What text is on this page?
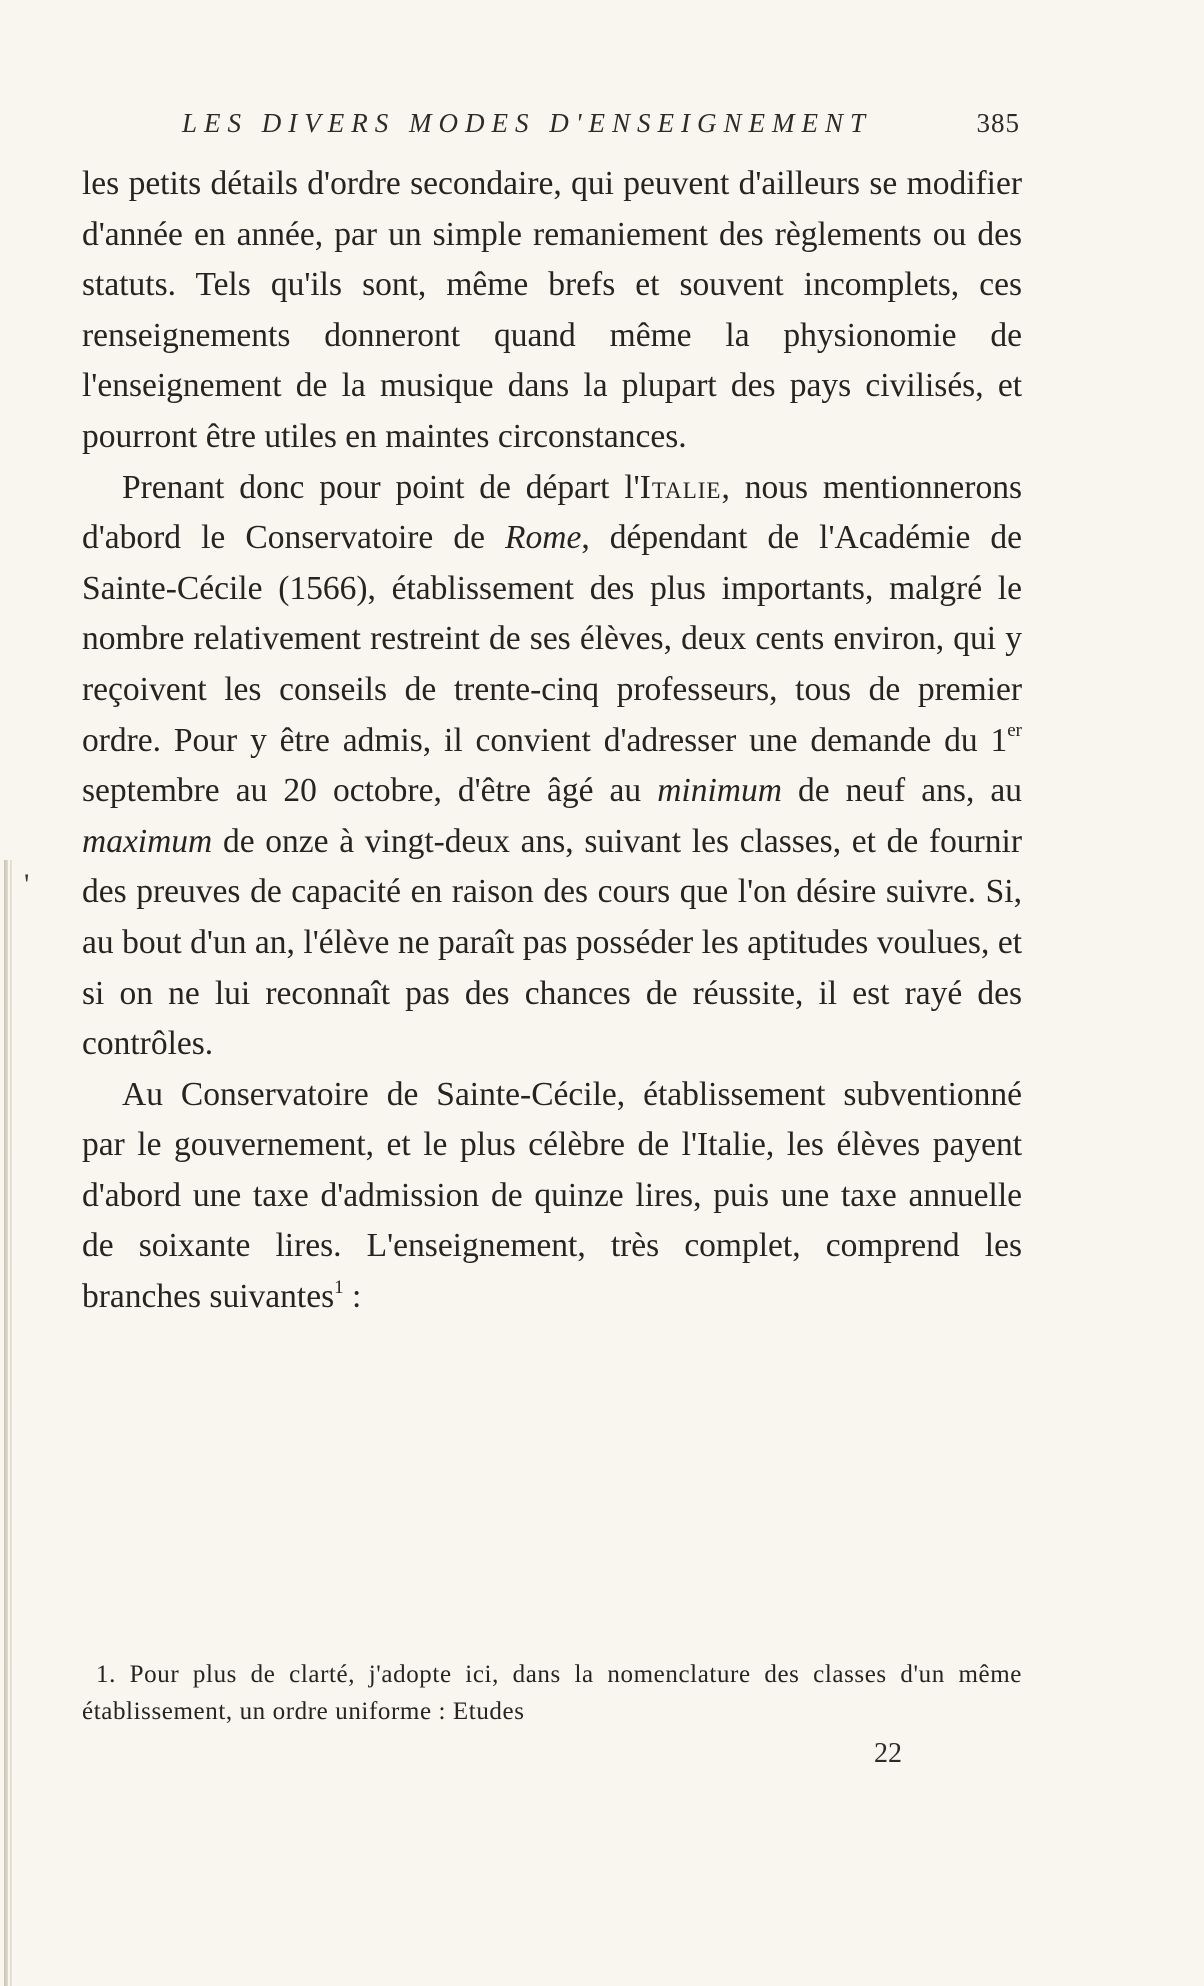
'
LES DIVERS MODES D'ENSEIGNEMENT	385

les petits détails d'ordre secondaire, qui peuvent d'ailleurs se modifier d'année en année, par un simple remaniement des règlements ou des statuts. Tels qu'ils sont, même brefs et souvent incomplets, ces renseignements donneront quand même la physionomie de l'enseignement de la musique dans la plupart des pays civilisés, et pourront être utiles en maintes circonstances.

Prenant donc pour point de départ l'Italie, nous mentionnerons d'abord le Conservatoire de Rome, dépendant de l'Académie de Sainte-Cécile (1566), établissement des plus importants, malgré le nombre relativement restreint de ses élèves, deux cents environ, qui y reçoivent les conseils de trente-cinq professeurs, tous de premier ordre. Pour y être admis, il convient d'adresser une demande du 1er septembre au 20 octobre, d'être âgé au minimum de neuf ans, au maximum de onze à vingt-deux ans, suivant les classes, et de fournir des preuves de capacité en raison des cours que l'on désire suivre. Si, au bout d'un an, l'élève ne paraît pas posséder les aptitudes voulues, et si on ne lui reconnaît pas des chances de réussite, il est rayé des contrôles.

Au Conservatoire de Sainte-Cécile, établissement subventionné par le gouvernement, et le plus célèbre de l'Italie, les élèves payent d'abord une taxe d'admission de quinze lires, puis une taxe annuelle de soixante lires. L'enseignement, très complet, comprend les branches suivantes$^1$ :

1. Pour plus de clarté, j'adopte ici, dans la nomenclature des classes d'un même établissement, un ordre uniforme : Etudes

22
